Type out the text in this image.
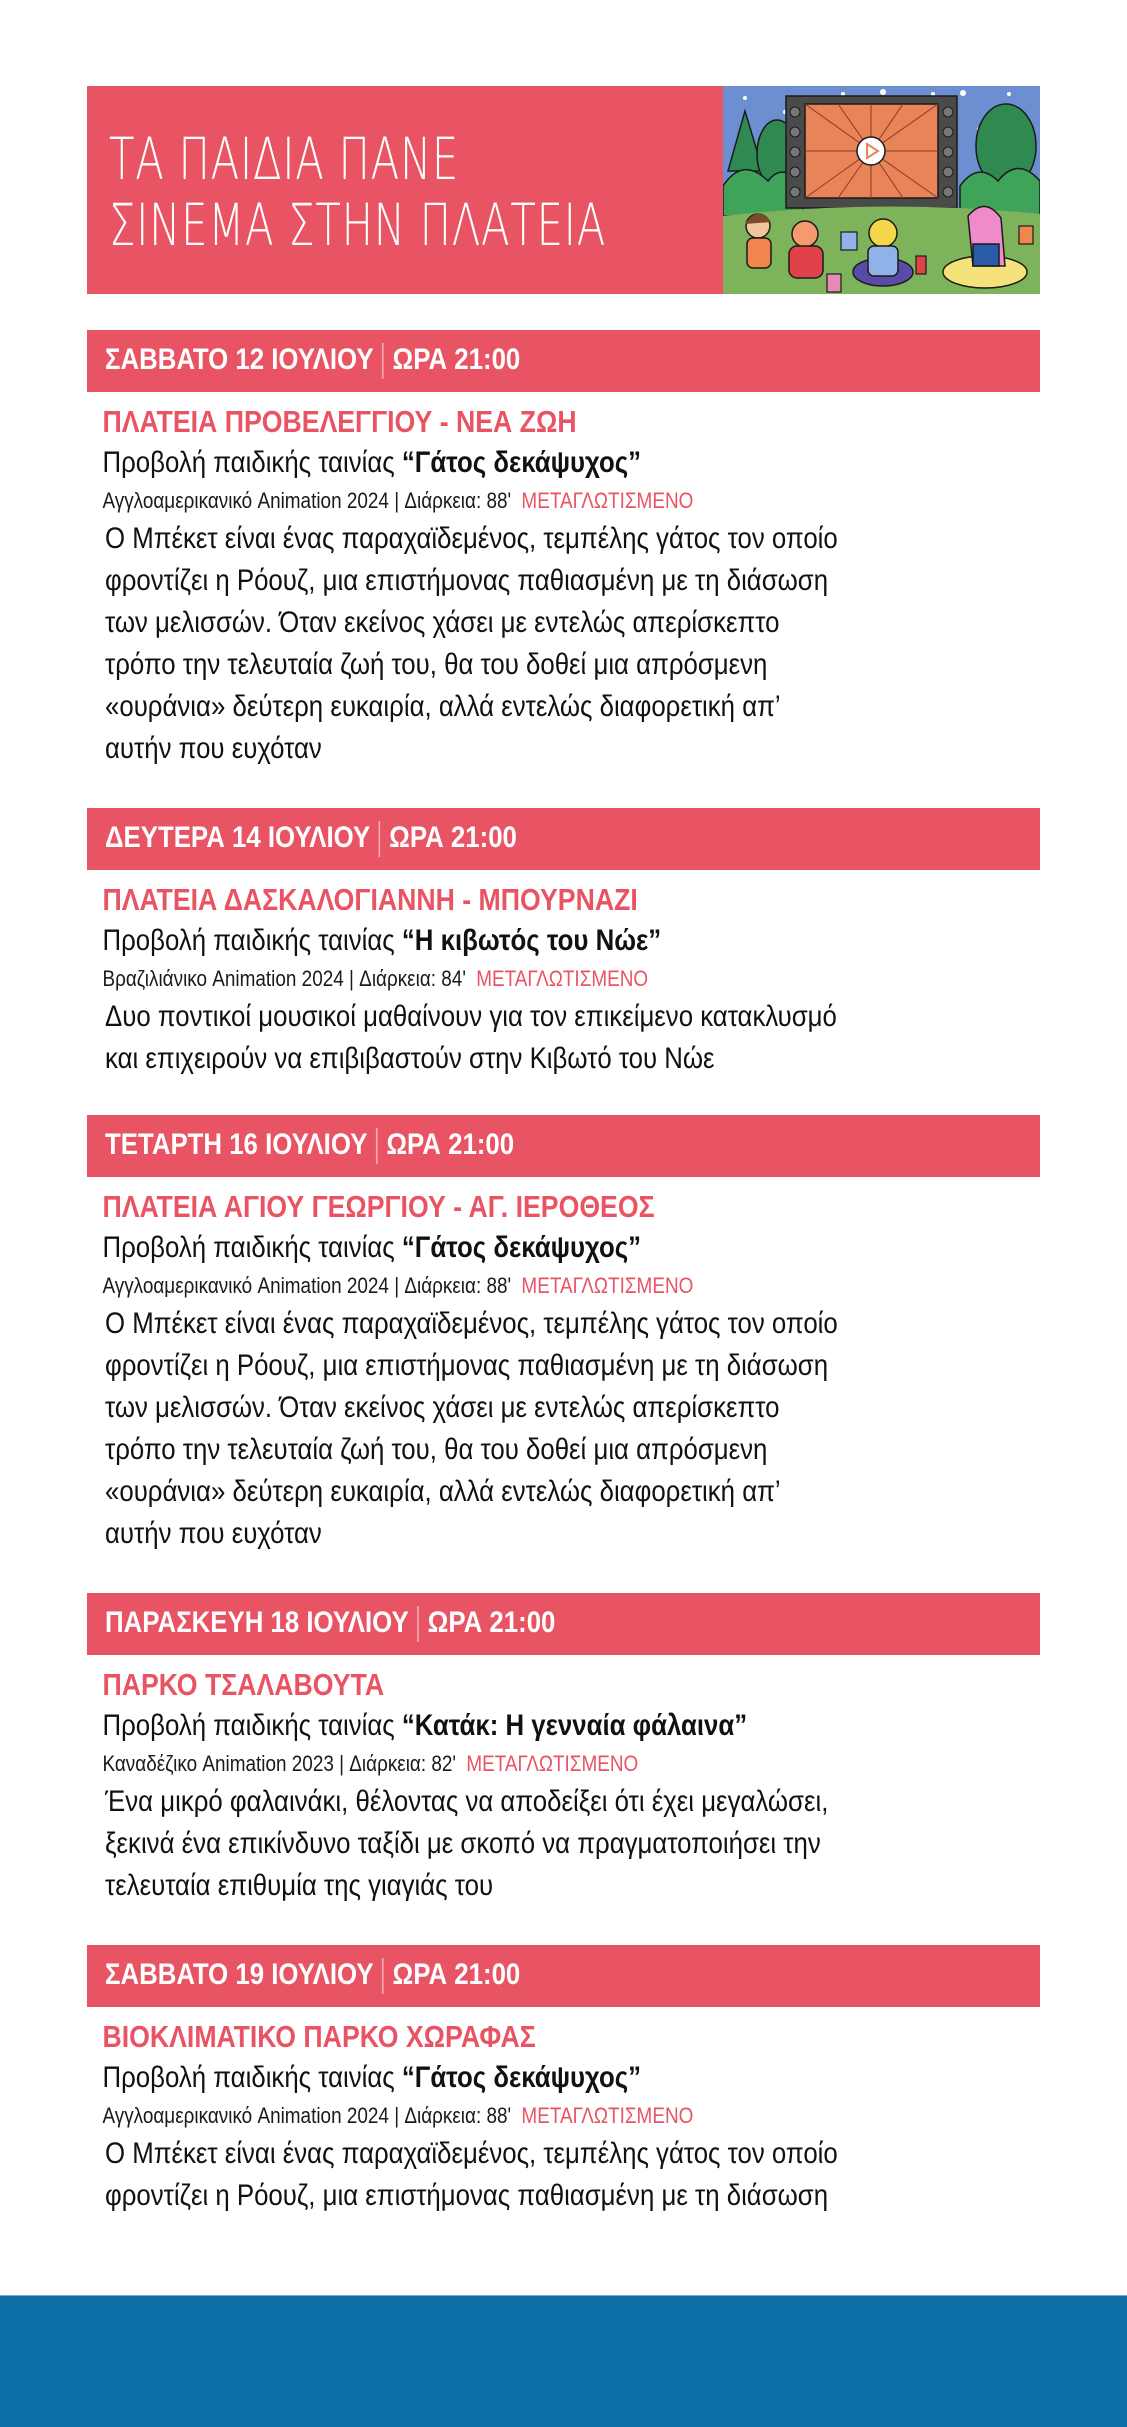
ΤΑ ΠΑΙΔΙΑ ΠΑΝΕ
ΣΙΝΕΜΑ ΣΤΗΝ ΠΛΑΤΕΙΑ
ΣΑΒΒΑΤΟ 12 ΙΟΥΛΙΟΥ ΩΡΑ 21:00
ΠΛΑΤΕΙΑ ΠΡΟΒΕΛΕΓΓΙΟΥ - ΝΕΑ ΖΩΗ
Προβολή παιδικής ταινίας “Γάτος δεκάψυχος”
Αγγλοαμερικανικό Animation 2024 | Διάρκεια: 88' ΜΕΤΑΓΛΩΤΙΣΜΕΝΟ
Ο Μπέκετ είναι ένας παραχαϊδεμένος, τεμπέλης γάτος τον οποίο
φροντίζει η Ρόουζ, μια επιστήμονας παθιασμένη με τη διάσωση
των μελισσών. Όταν εκείνος χάσει με εντελώς απερίσκεπτο
τρόπο την τελευταία ζωή του, θα του δοθεί μια απρόσμενη
«ουράνια» δεύτερη ευκαιρία, αλλά εντελώς διαφορετική απ’
αυτήν που ευχόταν
ΔΕΥΤΕΡΑ 14 ΙΟΥΛΙΟΥ ΩΡΑ 21:00
ΠΛΑΤΕΙΑ ΔΑΣΚΑΛΟΓΙΑΝΝΗ - ΜΠΟΥΡΝΑΖΙ
Προβολή παιδικής ταινίας “Η κιβωτός του Νώε”
Βραζιλιάνικο Animation 2024 | Διάρκεια: 84' ΜΕΤΑΓΛΩΤΙΣΜΕΝΟ
Δυο ποντικοί μουσικοί μαθαίνουν για τον επικείμενο κατακλυσμό
και επιχειρούν να επιβιβαστούν στην Κιβωτό του Νώε
ΤΕΤΑΡΤΗ 16 ΙΟΥΛΙΟΥ ΩΡΑ 21:00
ΠΛΑΤΕΙΑ ΑΓΙΟΥ ΓΕΩΡΓΙΟΥ - ΑΓ. ΙΕΡΟΘΕΟΣ
Προβολή παιδικής ταινίας “Γάτος δεκάψυχος”
Αγγλοαμερικανικό Animation 2024 | Διάρκεια: 88' ΜΕΤΑΓΛΩΤΙΣΜΕΝΟ
Ο Μπέκετ είναι ένας παραχαϊδεμένος, τεμπέλης γάτος τον οποίο
φροντίζει η Ρόουζ, μια επιστήμονας παθιασμένη με τη διάσωση
των μελισσών. Όταν εκείνος χάσει με εντελώς απερίσκεπτο
τρόπο την τελευταία ζωή του, θα του δοθεί μια απρόσμενη
«ουράνια» δεύτερη ευκαιρία, αλλά εντελώς διαφορετική απ’
αυτήν που ευχόταν
ΠΑΡΑΣΚΕΥΗ 18 ΙΟΥΛΙΟΥ ΩΡΑ 21:00
ΠΑΡΚΟ ΤΣΑΛΑΒΟΥΤΑ
Προβολή παιδικής ταινίας “Κατάκ: Η γενναία φάλαινα”
Καναδέζικο Animation 2023 | Διάρκεια: 82' ΜΕΤΑΓΛΩΤΙΣΜΕΝΟ
Ένα μικρό φαλαινάκι, θέλοντας να αποδείξει ότι έχει μεγαλώσει,
ξεκινά ένα επικίνδυνο ταξίδι με σκοπό να πραγματοποιήσει την
τελευταία επιθυμία της γιαγιάς του
ΣΑΒΒΑΤΟ 19 ΙΟΥΛΙΟΥ ΩΡΑ 21:00
ΒΙΟΚΛΙΜΑΤΙΚΟ ΠΑΡΚΟ ΧΩΡΑΦΑΣ
Προβολή παιδικής ταινίας “Γάτος δεκάψυχος”
Αγγλοαμερικανικό Animation 2024 | Διάρκεια: 88' ΜΕΤΑΓΛΩΤΙΣΜΕΝΟ
Ο Μπέκετ είναι ένας παραχαϊδεμένος, τεμπέλης γάτος τον οποίο
φροντίζει η Ρόουζ, μια επιστήμονας παθιασμένη με τη διάσωση
